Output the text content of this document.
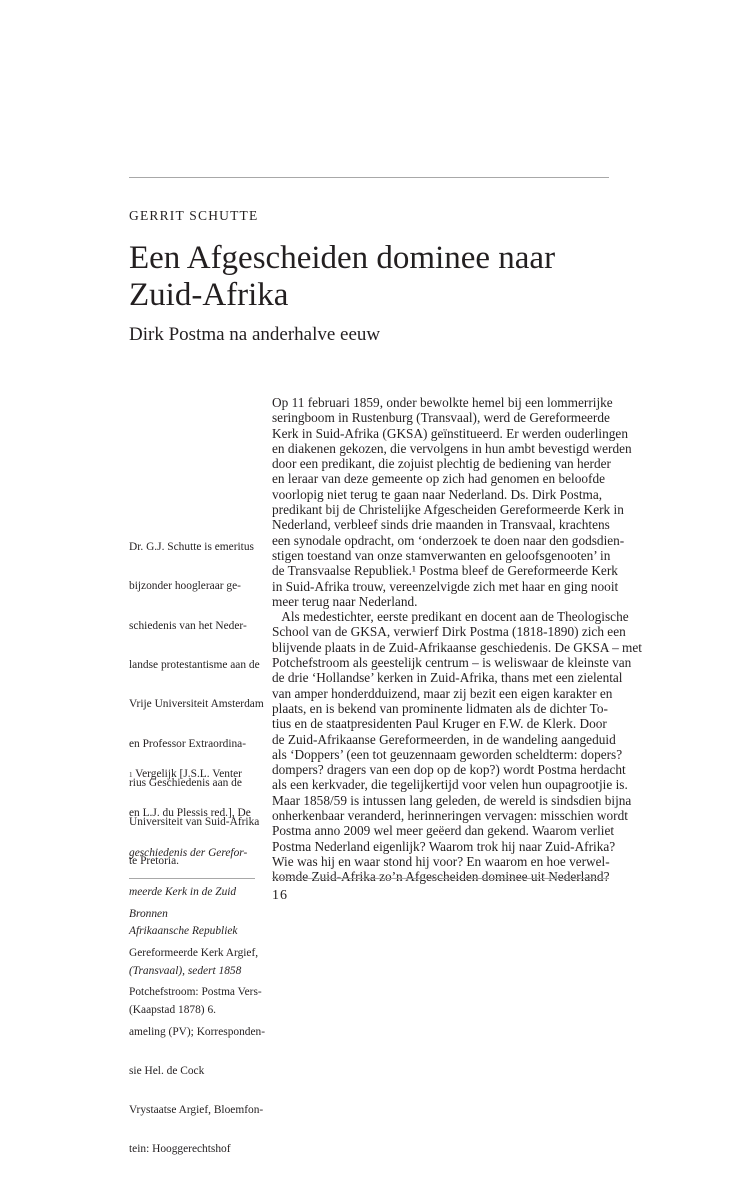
GERRIT SCHUTTE
Een Afgescheiden dominee naar
Zuid-Afrika
Dirk Postma na anderhalve eeuw

Dr. G.J. Schutte is emeritus

bijzonder hoogleraar ge-

schiedenis van het Neder-

landse protestantisme aan de

Vrije Universiteit Amsterdam

en Professor Extraordina-

rius Geschiedenis aan de

Universiteit van Suid-Afrika

te Pretoria.

Bronnen

Gereformeerde Kerk Argief,

Potchefstroom: Postma Vers-

ameling (PV); Korresponden-

sie Hel. de Cock

Vrystaatse Argief, Bloemfon-

tein: Hooggerechtshof

$^1$ Vergelijk [J.S.L. Venter

en L.J. du Plessis red.], De

geschiedenis der Gerefor-

meerde Kerk in de Zuid

Afrikaansche Republiek

(Transvaal), sedert 1858

(Kaapstad 1878) 6.

Op 11 februari 1859, onder bewolkte hemel bij een lommerrijke
seringboom in Rustenburg (Transvaal), werd de Gereformeerde
Kerk in Suid-Afrika (GKSA) geïnstitueerd. Er werden ouderlingen
en diakenen gekozen, die vervolgens in hun ambt bevestigd werden
door een predikant, die zojuist plechtig de bediening van herder
en leraar van deze gemeente op zich had genomen en beloofde
voorlopig niet terug te gaan naar Nederland. Ds. Dirk Postma,
predikant bij de Christelijke Afgescheiden Gereformeerde Kerk in
Nederland, verbleef sinds drie maanden in Transvaal, krachtens
een synodale opdracht, om ‘onderzoek te doen naar den godsdien-
stigen toestand van onze stamverwanten en geloofsgenooten’ in
de Transvaalse Republiek.¹ Postma bleef de Gereformeerde Kerk
in Suid-Afrika trouw, vereenzelvigde zich met haar en ging nooit
meer terug naar Nederland.
Als medestichter, eerste predikant en docent aan de Theologische
School van de GKSA, verwierf Dirk Postma (1818-1890) zich een
blijvende plaats in de Zuid-Afrikaanse geschiedenis. De GKSA – met
Potchefstroom als geestelijk centrum – is weliswaar de kleinste van
de drie ‘Hollandse’ kerken in Zuid-Afrika, thans met een zielental
van amper honderdduizend, maar zij bezit een eigen karakter en
plaats, en is bekend van prominente lidmaten als de dichter To-
tius en de staatpresidenten Paul Kruger en F.W. de Klerk. Door
de Zuid-Afrikaanse Gereformeerden, in de wandeling aangeduid
als ‘Doppers’ (een tot geuzennaam geworden scheldterm: dopers?
dompers? dragers van een dop op de kop?) wordt Postma herdacht
als een kerkvader, die tegelijkertijd voor velen hun oupagrootjie is.
Maar 1858/59 is intussen lang geleden, de wereld is sindsdien bijna
onherkenbaar veranderd, herinneringen vervagen: misschien wordt
Postma anno 2009 wel meer geëerd dan gekend. Waarom verliet
Postma Nederland eigenlijk? Waarom trok hij naar Zuid-Afrika?
Wie was hij en waar stond hij voor? En waarom en hoe verwel-
komde Zuid-Afrika zo’n Afgescheiden dominee uit Nederland?
16
